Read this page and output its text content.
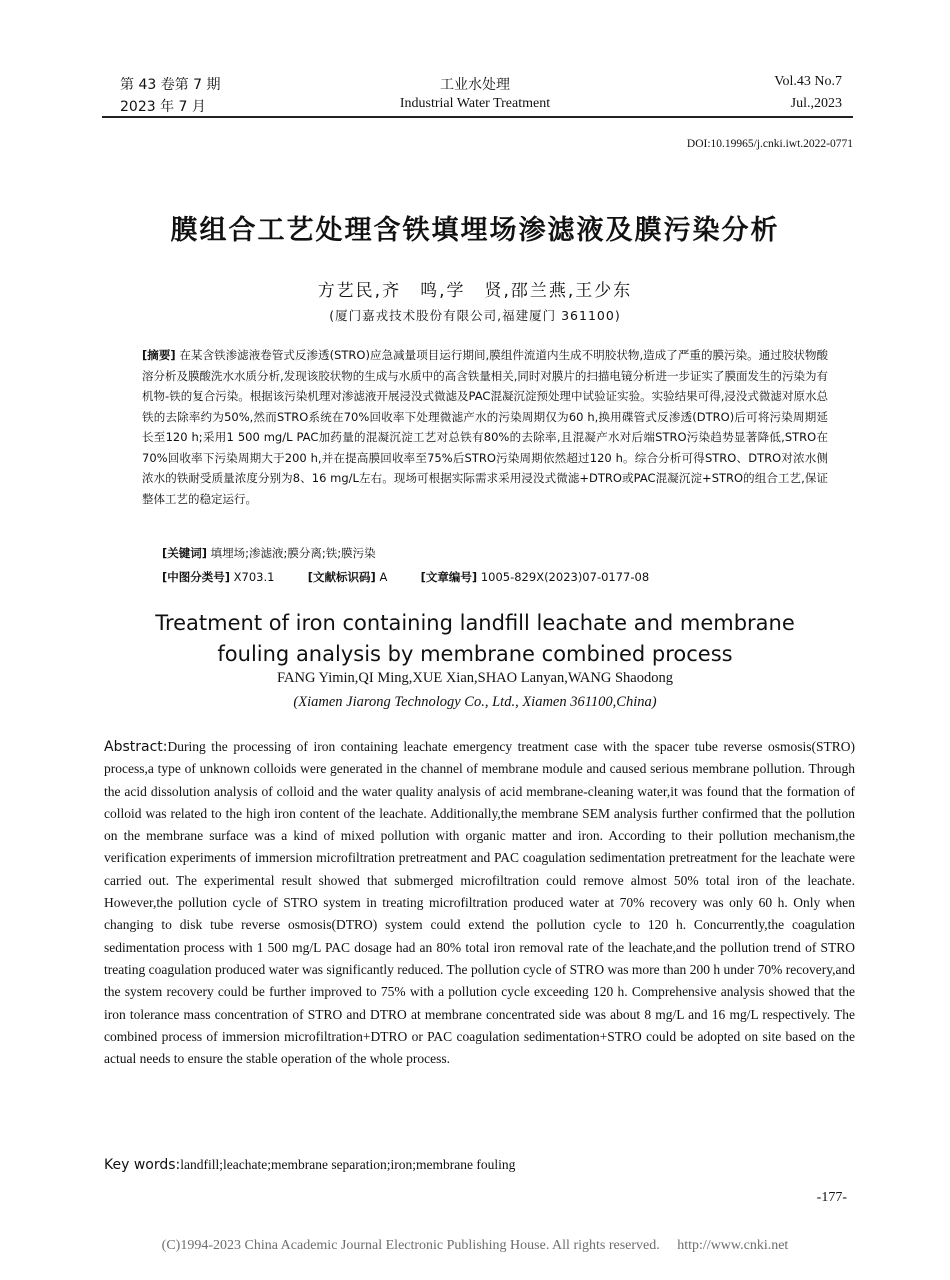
第 43 卷第 7 期
2023 年 7 月
工业水处理
Industrial Water Treatment
Vol.43 No.7
Jul.,2023
DOI:10.19965/j.cnki.iwt.2022-0771
膜组合工艺处理含铁填埋场渗滤液及膜污染分析
方艺民,齐　鸣,学　贤,邵兰燕,王少东
(厦门嘉戎技术股份有限公司,福建厦门 361100)
[摘要] 在某含铁渗滤液卷管式反渗透(STRO)应急减量项目运行期间,膜组件流道内生成不明胶状物,造成了严重的膜污染。通过胶状物酸溶分析及膜酸洗水水质分析,发现该胶状物的生成与水质中的高含铁量相关,同时对膜片的扫描电镜分析进一步证实了膜面发生的污染为有机物-铁的复合污染。根据该污染机理对渗滤液开展浸没式微滤及PAC混凝沉淀预处理中试验证实验。实验结果可得,浸没式微滤对原水总铁的去除率约为50%,然而STRO系统在70%回收率下处理微滤产水的污染周期仅为60 h,换用碟管式反渗透(DTRO)后可将污染周期延长至120 h;采用1 500 mg/L PAC加药量的混凝沉淀工艺对总铁有80%的去除率,且混凝产水对后端STRO污染趋势显著降低,STRO在70%回收率下污染周期大于200 h,并在提高膜回收率至75%后STRO污染周期依然超过120 h。综合分析可得STRO、DTRO对浓水侧浓水的铁耐受质量浓度分别为8、16 mg/L左右。现场可根据实际需求采用浸没式微滤+DTRO或PAC混凝沉淀+STRO的组合工艺,保证整体工艺的稳定运行。
[关键词] 填埋场;渗滤液;膜分离;铁;膜污染
[中图分类号] X703.1	[文献标识码] A	[文章编号] 1005-829X(2023)07-0177-08
Treatment of iron containing landfill leachate and membrane
fouling analysis by membrane combined process
FANG Yimin,QI Ming,XUE Xian,SHAO Lanyan,WANG Shaodong
(Xiamen Jiarong Technology Co., Ltd., Xiamen 361100,China)
Abstract:During the processing of iron containing leachate emergency treatment case with the spacer tube reverse osmosis(STRO) process,a type of unknown colloids were generated in the channel of membrane module and caused serious membrane pollution. Through the acid dissolution analysis of colloid and the water quality analysis of acid membrane-cleaning water,it was found that the formation of colloid was related to the high iron content of the leachate. Additionally,the membrane SEM analysis further confirmed that the pollution on the membrane surface was a kind of mixed pollution with organic matter and iron. According to their pollution mechanism,the verification experiments of immersion microfiltration pretreatment and PAC coagulation sedimentation pretreatment for the leachate were carried out. The experimental result showed that submerged microfiltration could remove almost 50% total iron of the leachate. However,the pollution cycle of STRO system in treating microfiltration produced water at 70% recovery was only 60 h. Only when changing to disk tube reverse osmosis(DTRO) system could extend the pollution cycle to 120 h. Concurrently,the coagulation sedimentation process with 1 500 mg/L PAC dosage had an 80% total iron removal rate of the leachate,and the pollution trend of STRO treating coagulation produced water was significantly reduced. The pollution cycle of STRO was more than 200 h under 70% recovery,and the system recovery could be further improved to 75% with a pollution cycle exceeding 120 h. Comprehensive analysis showed that the iron tolerance mass concentration of STRO and DTRO at membrane concentrated side was about 8 mg/L and 16 mg/L respectively. The combined process of immersion microfiltration+DTRO or PAC coagulation sedimentation+STRO could be adopted on site based on the actual needs to ensure the stable operation of the whole process.
Key words:landfill;leachate;membrane separation;iron;membrane fouling
-177-
(C)1994-2023 China Academic Journal Electronic Publishing House. All rights reserved.　 http://www.cnki.net
